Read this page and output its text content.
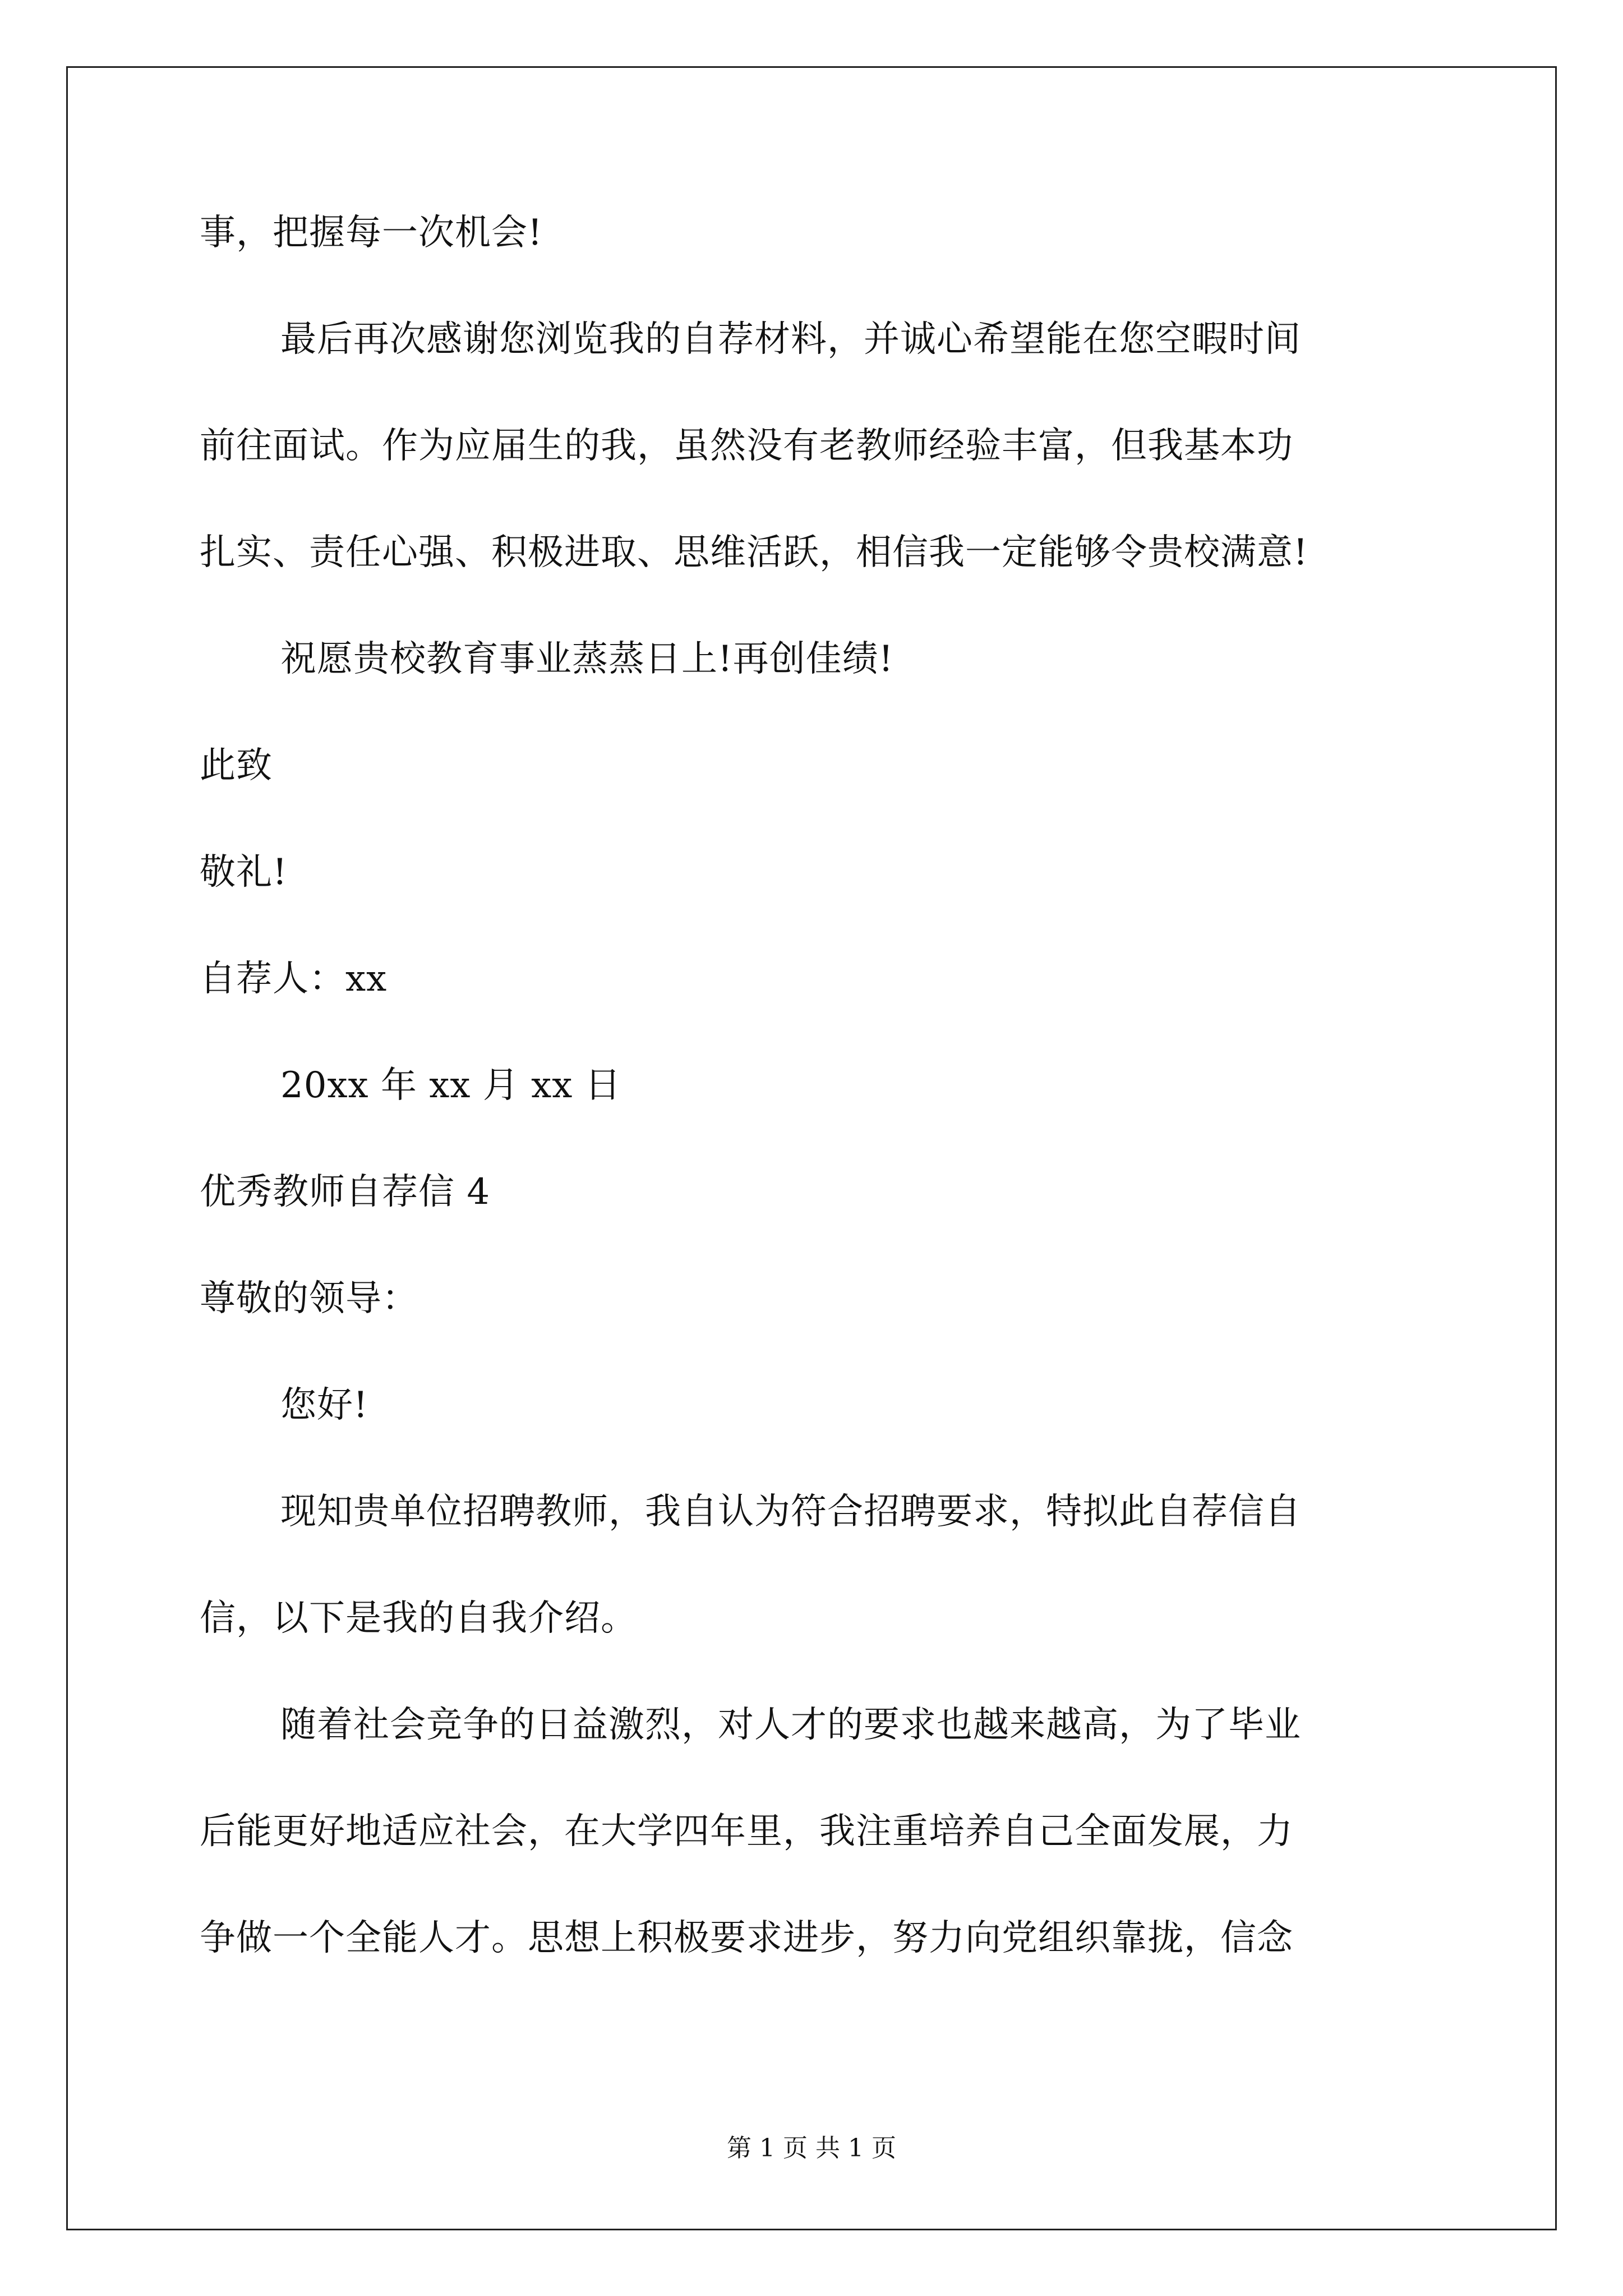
事，把握每一次机会!
最后再次感谢您浏览我的自荐材料，并诚心希望能在您空暇时间
前往面试。作为应届生的我，虽然没有老教师经验丰富，但我基本功
扎实、责任心强、积极进取、思维活跃，相信我一定能够令贵校满意!
祝愿贵校教育事业蒸蒸日上!再创佳绩!
此致
敬礼!
自荐人：xx
20xx 年 xx 月 xx 日
优秀教师自荐信 4
尊敬的领导：
您好!
现知贵单位招聘教师，我自认为符合招聘要求，特拟此自荐信自
信，以下是我的自我介绍。
随着社会竞争的日益激烈，对人才的要求也越来越高，为了毕业
后能更好地适应社会，在大学四年里，我注重培养自己全面发展，力
争做一个全能人才。思想上积极要求进步，努力向党组织靠拢，信念
第 1 页 共 1 页
